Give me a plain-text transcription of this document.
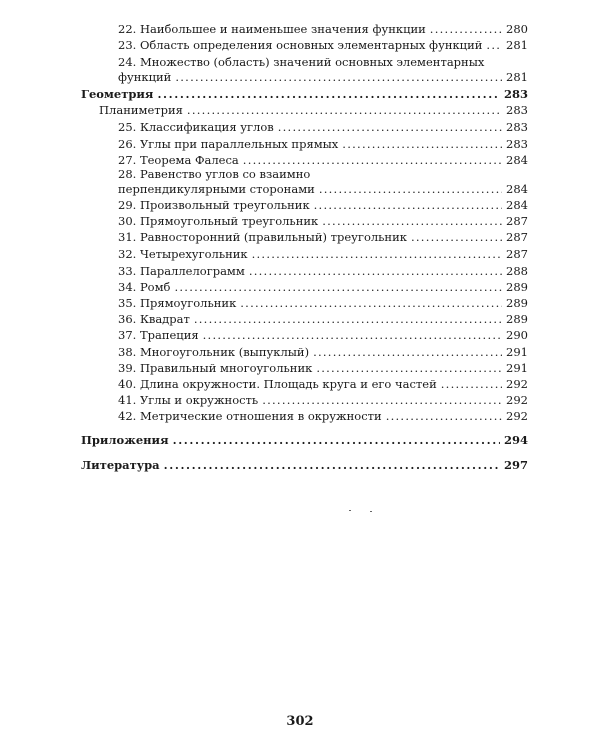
22. Наибольшее и наименьшее значения функции . . .	280
23. Область определения основных элементарных функций . . . 281
24. Множество (область) значений основных элементарных
функций . . .	281
Геометрия . . .	283
Планиметрия . . .	283
25. Классификация углов . . .	283
26. Углы при параллельных прямых . . .	283
27. Теорема Фалеса . . .	284
28. Равенство углов со взаимно
перпендикулярными сторонами . . .	284
29. Произвольный треугольник . . .	284
30. Прямоугольный треугольник . . .	287
31. Равносторонний (правильный) треугольник . . .	287
32. Четырехугольник . . .	287
33. Параллелограмм . . .	288
34. Ромб . . .	289
35. Прямоугольник . . .	289
36. Квадрат . . .	289
37. Трапеция . . .	290
38. Многоугольник (выпуклый) . . .	291
39. Правильный многоугольник . . .	291
40. Длина окружности. Площадь круга и его частей . . .	292
41. Углы и окружность . . .	292
42. Метрические отношения в окружности . . .	292
Приложения . . .	294
Литература . . .	297
302
